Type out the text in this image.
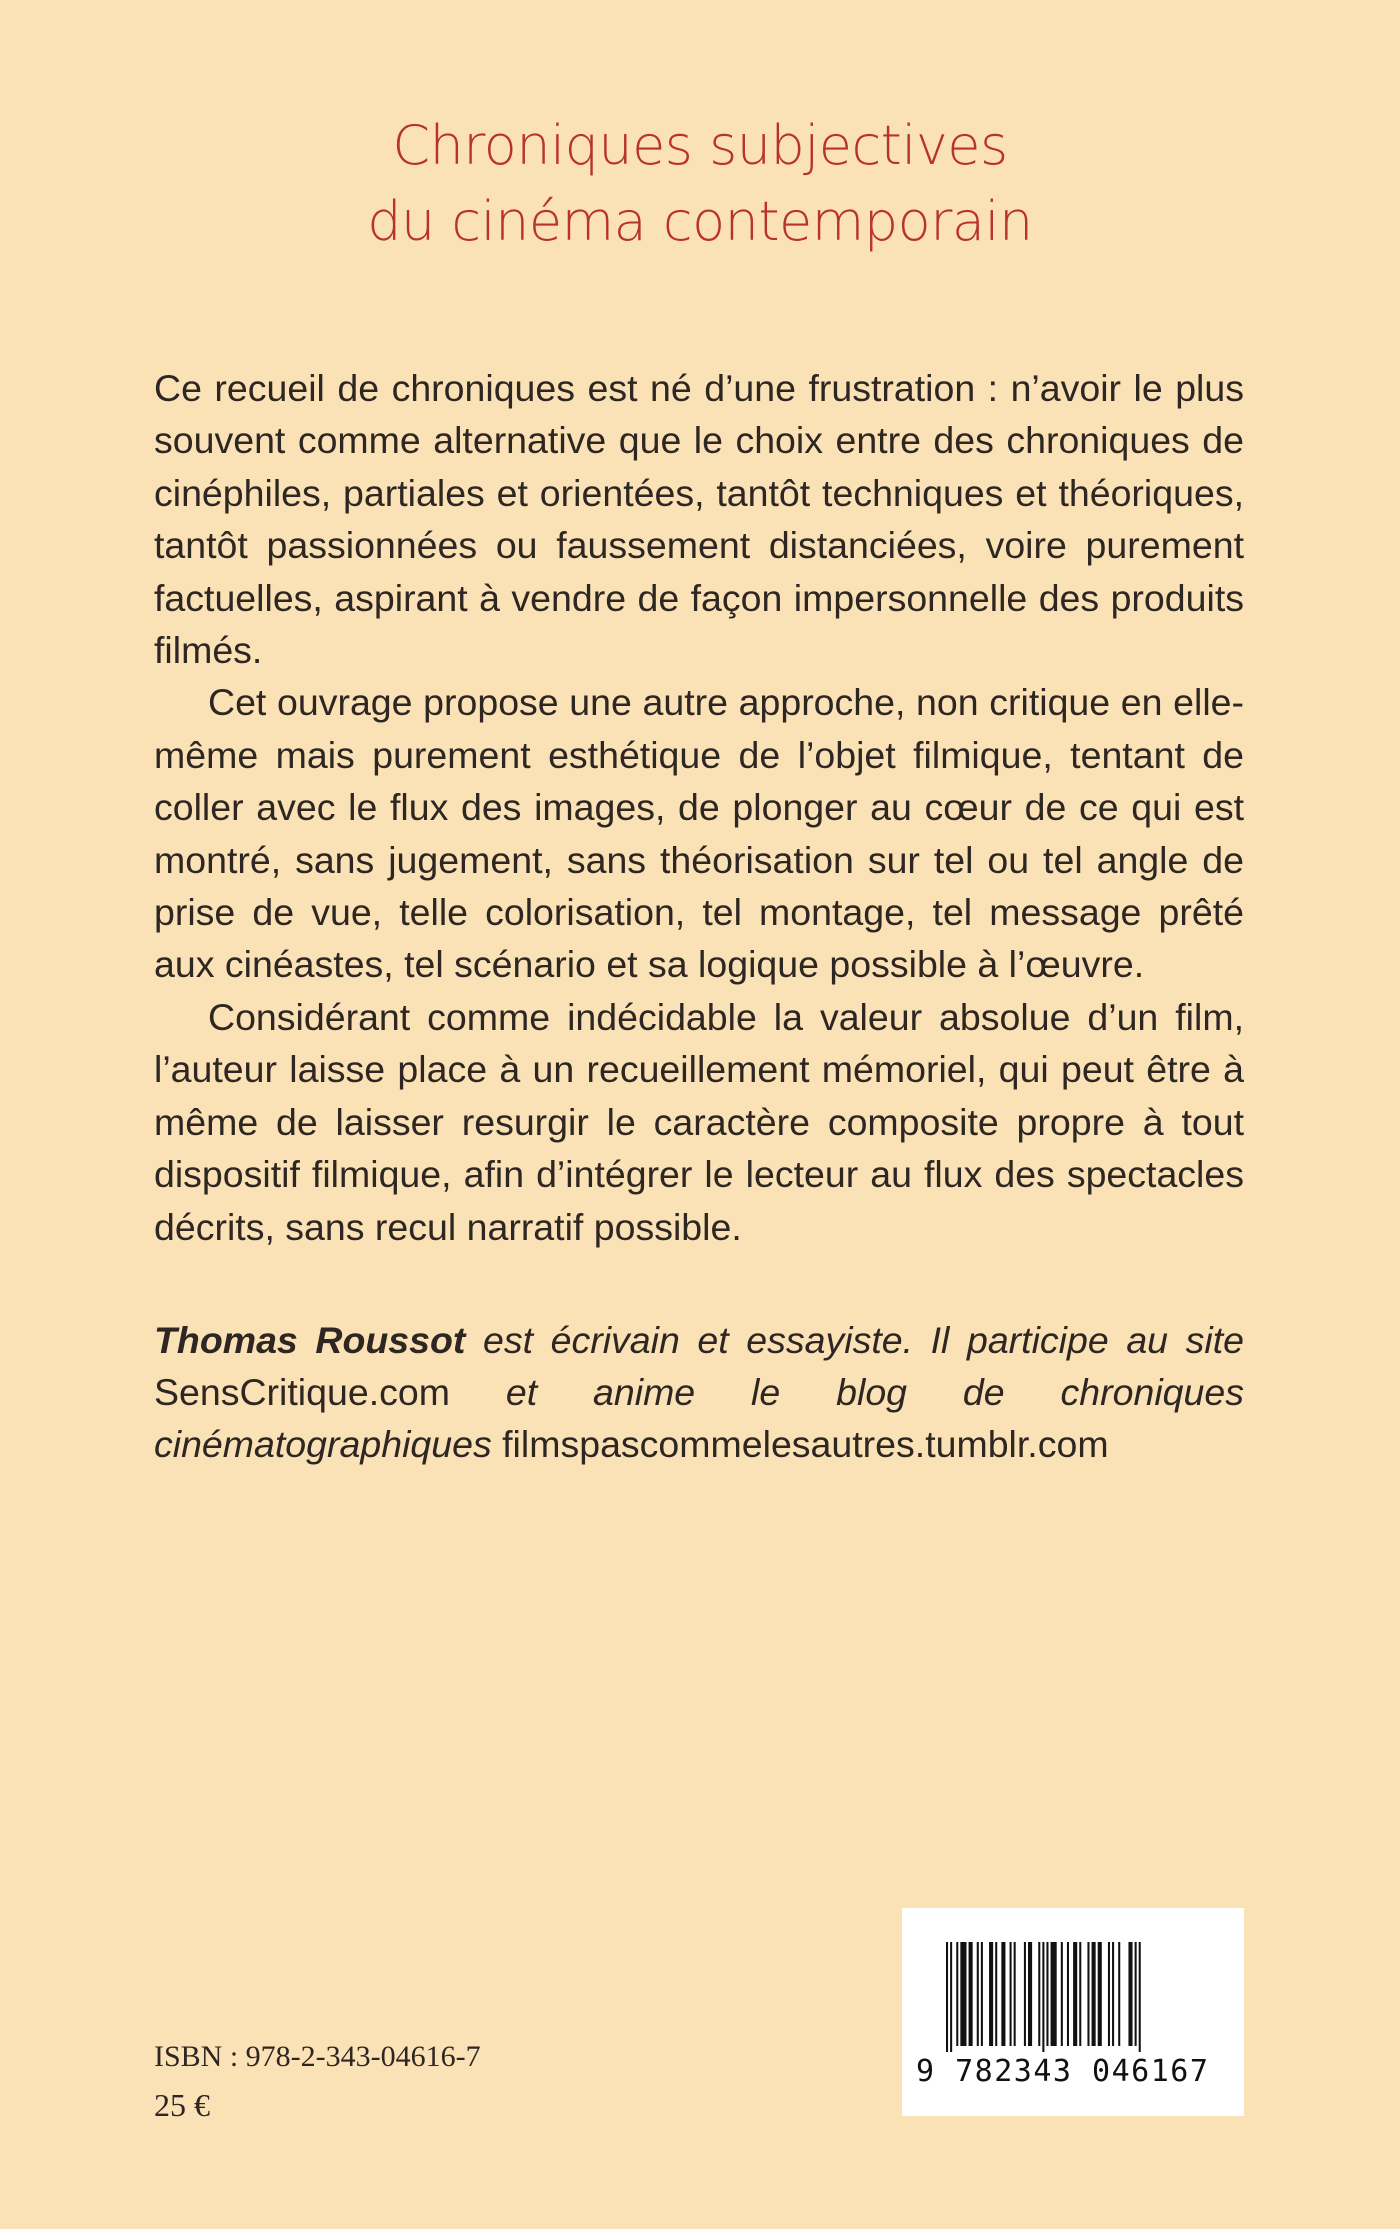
Chroniques subjectives
du cinéma contemporain

Ce recueil de chroniques est né d’une frustration : n’avoir le plus souvent comme alternative que le choix entre des chroniques de cinéphiles, partiales et orientées, tantôt techniques et théoriques, tantôt passionnées ou faussement distanciées, voire purement factuelles, aspirant à vendre de façon impersonnelle des produits filmés.

Cet ouvrage propose une autre approche, non critique en elle-même mais purement esthétique de l’objet filmique, tentant de coller avec le flux des images, de plonger au cœur de ce qui est montré, sans jugement, sans théorisation sur tel ou tel angle de prise de vue, telle colorisation, tel montage, tel message prêté aux cinéastes, tel scénario et sa logique possible à l’œuvre.

Considérant comme indécidable la valeur absolue d’un film, l’auteur laisse place à un recueillement mémoriel, qui peut être à même de laisser resurgir le caractère composite propre à tout dispositif filmique, afin d’intégrer le lecteur au flux des spectacles décrits, sans recul narratif possible.

Thomas Roussot est écrivain et essayiste. Il participe au site SensCritique.com et anime le blog de chroniques cinématographiques filmspascommelesautres.tumblr.com
ISBN : 978-2-343-04616-7
25 €
9 782343 046167
